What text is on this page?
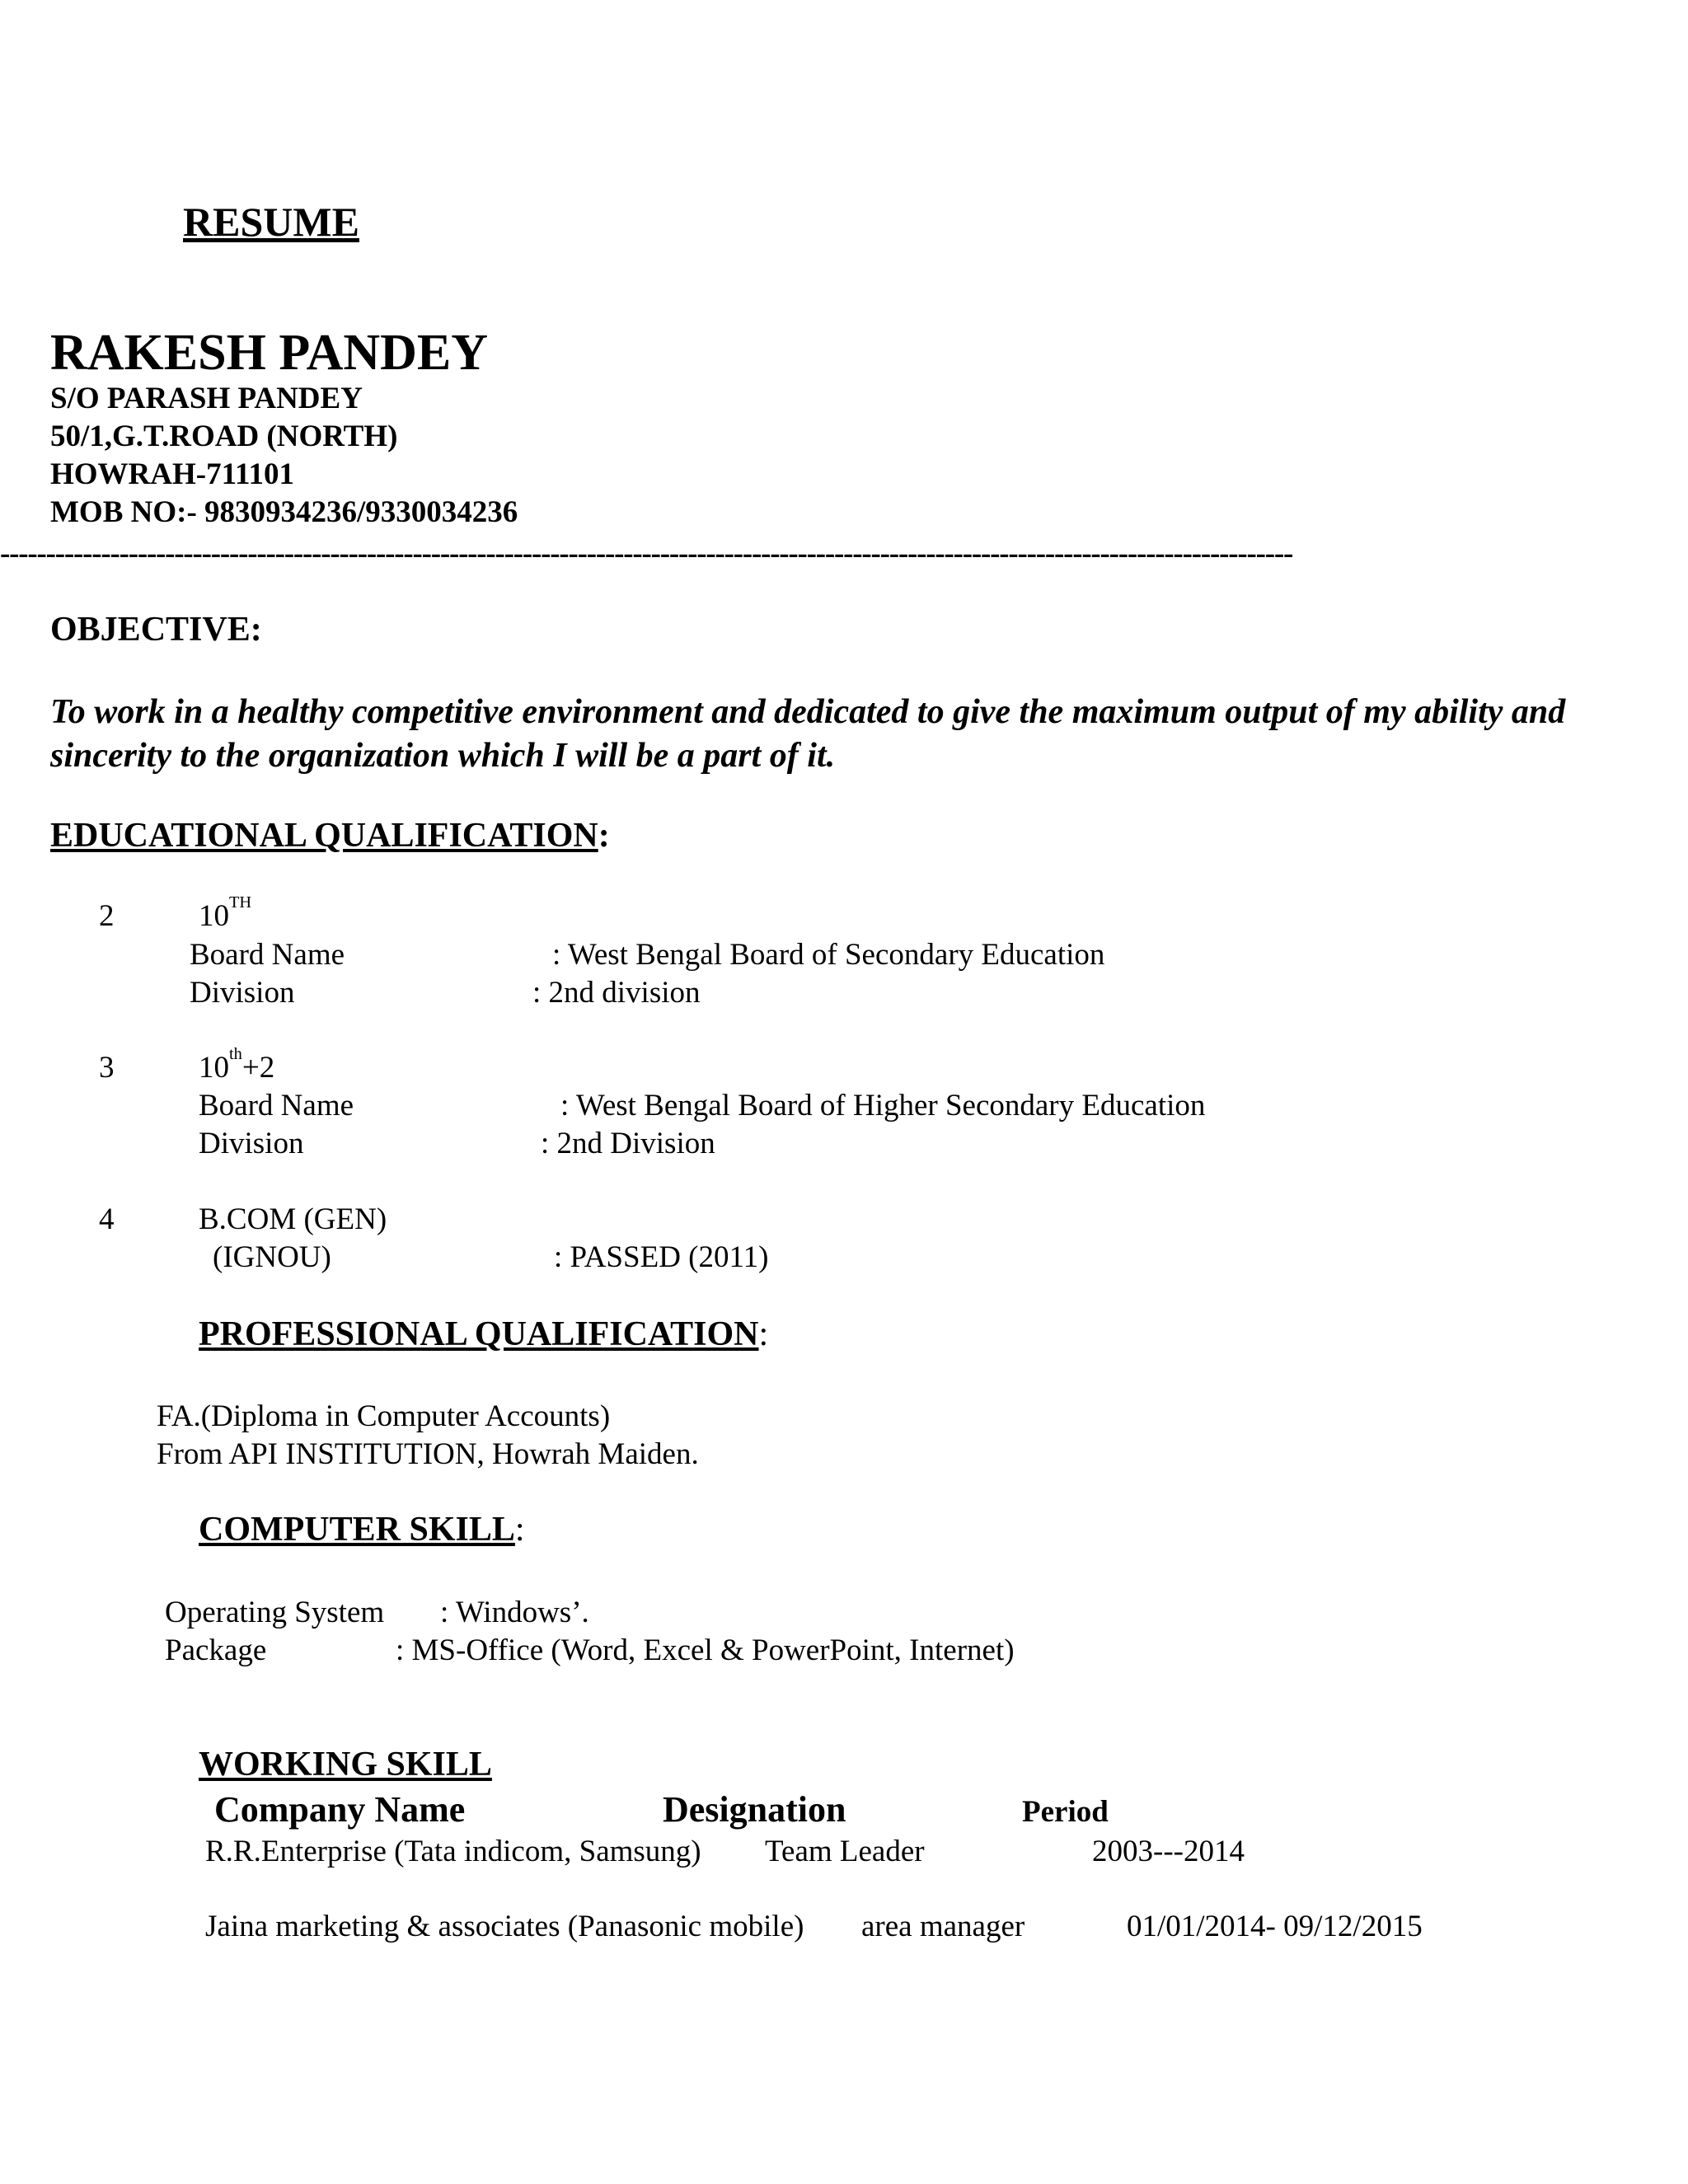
RESUME
RAKESH PANDEY
S/O PARASH PANDEY
50/1,G.T.ROAD (NORTH)
HOWRAH-711101
MOB NO:- 9830934236/9330034236
---------------------------------------------------------------------------------------------------------------------------------------------
OBJECTIVE:
To work in a healthy competitive environment and dedicated to give the maximum output of my ability and sincerity to the organization which I will be a part of it.
EDUCATIONAL QUALIFICATION:
2	10TH
Board Name	: West Bengal Board of Secondary Education
Division	: 2nd division
3	10th+2
Board Name	: West Bengal Board of Higher Secondary Education
Division	: 2nd Division
4	B.COM (GEN)
(IGNOU)	: PASSED (2011)
PROFESSIONAL QUALIFICATION:
FA.(Diploma in Computer Accounts)
From API INSTITUTION, Howrah Maiden.
COMPUTER SKILL:
Operating System : Windows’.
Package	: MS-Office (Word, Excel & PowerPoint, Internet)
WORKING SKILL
Company Name	Designation	Period
R.R.Enterprise (Tata indicom, Samsung) Team Leader	2003---2014
Jaina marketing & associates (Panasonic mobile) area manager	01/01/2014- 09/12/2015
